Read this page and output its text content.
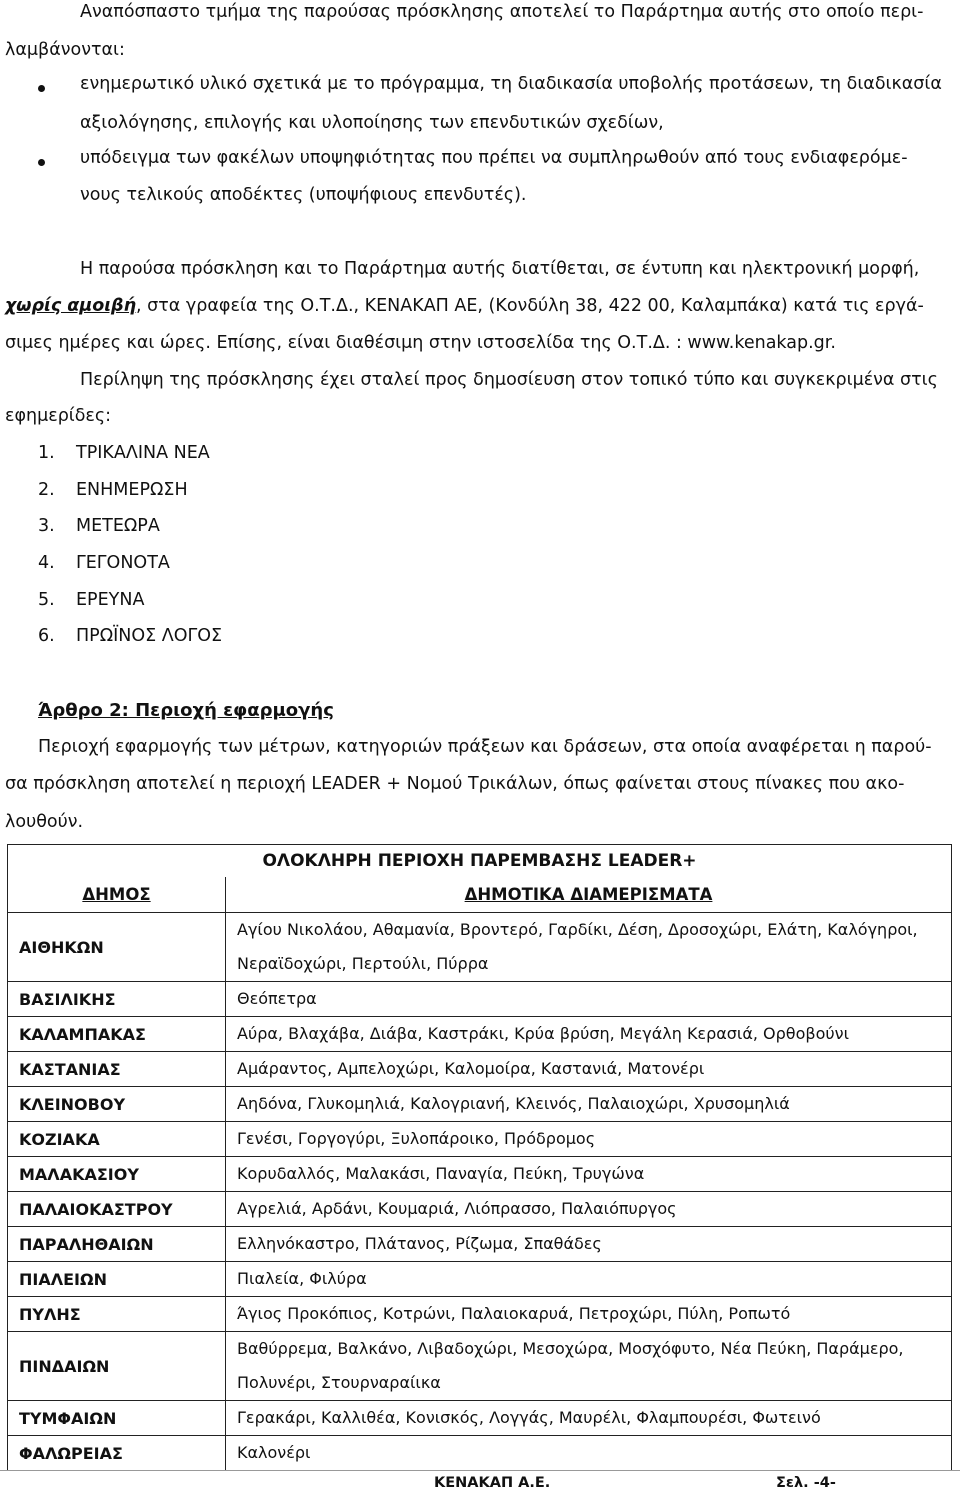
Αναπόσπαστο τμήμα της παρούσας πρόσκλησης αποτελεί το Παράρτημα αυτής στο οποίο περι-
λαμβάνονται:
ενημερωτικό υλικό σχετικά με το πρόγραμμα, τη διαδικασία υποβολής προτάσεων, τη διαδικασία
αξιολόγησης, επιλογής και υλοποίησης των επενδυτικών σχεδίων,
υπόδειγμα των φακέλων υποψηφιότητας που πρέπει να συμπληρωθούν από τους ενδιαφερόμε-
νους τελικούς αποδέκτες (υποψήφιους επενδυτές).
Η παρούσα πρόσκληση και το Παράρτημα αυτής διατίθεται, σε έντυπη και ηλεκτρονική μορφή,
χωρίς αμοιβή, στα γραφεία της Ο.Τ.Δ., ΚΕΝΑΚΑΠ ΑΕ, (Κονδύλη 38, 422 00, Καλαμπάκα) κατά τις εργά-
σιμες ημέρες και ώρες. Επίσης, είναι διαθέσιμη στην ιστοσελίδα της Ο.Τ.Δ. : www.kenakap.gr.
Περίληψη της πρόσκλησης έχει σταλεί προς δημοσίευση στον τοπικό τύπο και συγκεκριμένα στις
εφημερίδες:
1. ΤΡΙΚΑΛΙΝΑ ΝΕΑ
2. ΕΝΗΜΕΡΩΣΗ
3. ΜΕΤΕΩΡΑ
4. ΓΕΓΟΝΟΤΑ
5. ΕΡΕΥΝΑ
6. ΠΡΩΪΝΟΣ ΛΟΓΟΣ
Άρθρο 2: Περιοχή εφαρμογής
Περιοχή εφαρμογής των μέτρων, κατηγοριών πράξεων και δράσεων, στα οποία αναφέρεται η παρού-
σα πρόσκληση αποτελεί η περιοχή LEADER + Νομού Τρικάλων, όπως φαίνεται στους πίνακες που ακο-
λουθούν.
ΟΛΟΚΛΗΡΗ ΠΕΡΙΟΧΗ ΠΑΡΕΜΒΑΣΗΣ LEADER+	
ΔΗΜΟΣ	ΔΗΜΟΤΙΚΑ ΔΙΑΜΕΡΙΣΜΑΤΑ
ΑΙΘΗΚΩΝ	Αγίου Νικολάου, Αθαμανία, Βροντερό, Γαρδίκι, Δέση, Δροσοχώρι, Ελάτη, Καλόγηροι, Νεραϊδοχώρι, Περτούλι, Πύρρα
ΒΑΣΙΛΙΚΗΣ	Θεόπετρα
ΚΑΛΑΜΠΑΚΑΣ	Αύρα, Βλαχάβα, Διάβα, Καστράκι, Κρύα βρύση, Μεγάλη Κερασιά, Ορθοβούνι
ΚΑΣΤΑΝΙΑΣ	Αμάραντος, Αμπελοχώρι, Καλομοίρα, Καστανιά, Ματονέρι
ΚΛΕΙΝΟΒΟΥ	Αηδόνα, Γλυκομηλιά, Καλογριανή, Κλεινός, Παλαιοχώρι, Χρυσομηλιά
ΚΟΖΙΑΚΑ	Γενέσι, Γοργογύρι, Ξυλοπάροικο, Πρόδρομος
ΜΑΛΑΚΑΣΙΟΥ	Κορυδαλλός, Μαλακάσι, Παναγία, Πεύκη, Τρυγώνα
ΠΑΛΑΙΟΚΑΣΤΡΟΥ	Αγρελιά, Αρδάνι, Κουμαριά, Λιόπρασσο, Παλαιόπυργος
ΠΑΡΑΛΗΘΑΙΩΝ	Ελληνόκαστρο, Πλάτανος, Ρίζωμα, Σπαθάδες
ΠΙΑΛΕΙΩΝ	Πιαλεία, Φιλύρα
ΠΥΛΗΣ	Άγιος Προκόπιος, Κοτρώνι, Παλαιοκαρυά, Πετροχώρι, Πύλη, Ροπωτό
ΠΙΝΔΑΙΩΝ	Βαθύρρεμα, Βαλκάνο, Λιβαδοχώρι, Μεσοχώρα, Μοσχόφυτο, Νέα Πεύκη, Παράμερο, Πολυνέρι, Στουρναραίικα
ΤΥΜΦΑΙΩΝ	Γερακάρι, Καλλιθέα, Κονισκός, Λογγάς, Μαυρέλι, Φλαμπουρέσι, Φωτεινό
ΦΑΛΩΡΕΙΑΣ	Καλονέρι
ΚΕΝΑΚΑΠ Α.Ε.	Σελ. -4-
